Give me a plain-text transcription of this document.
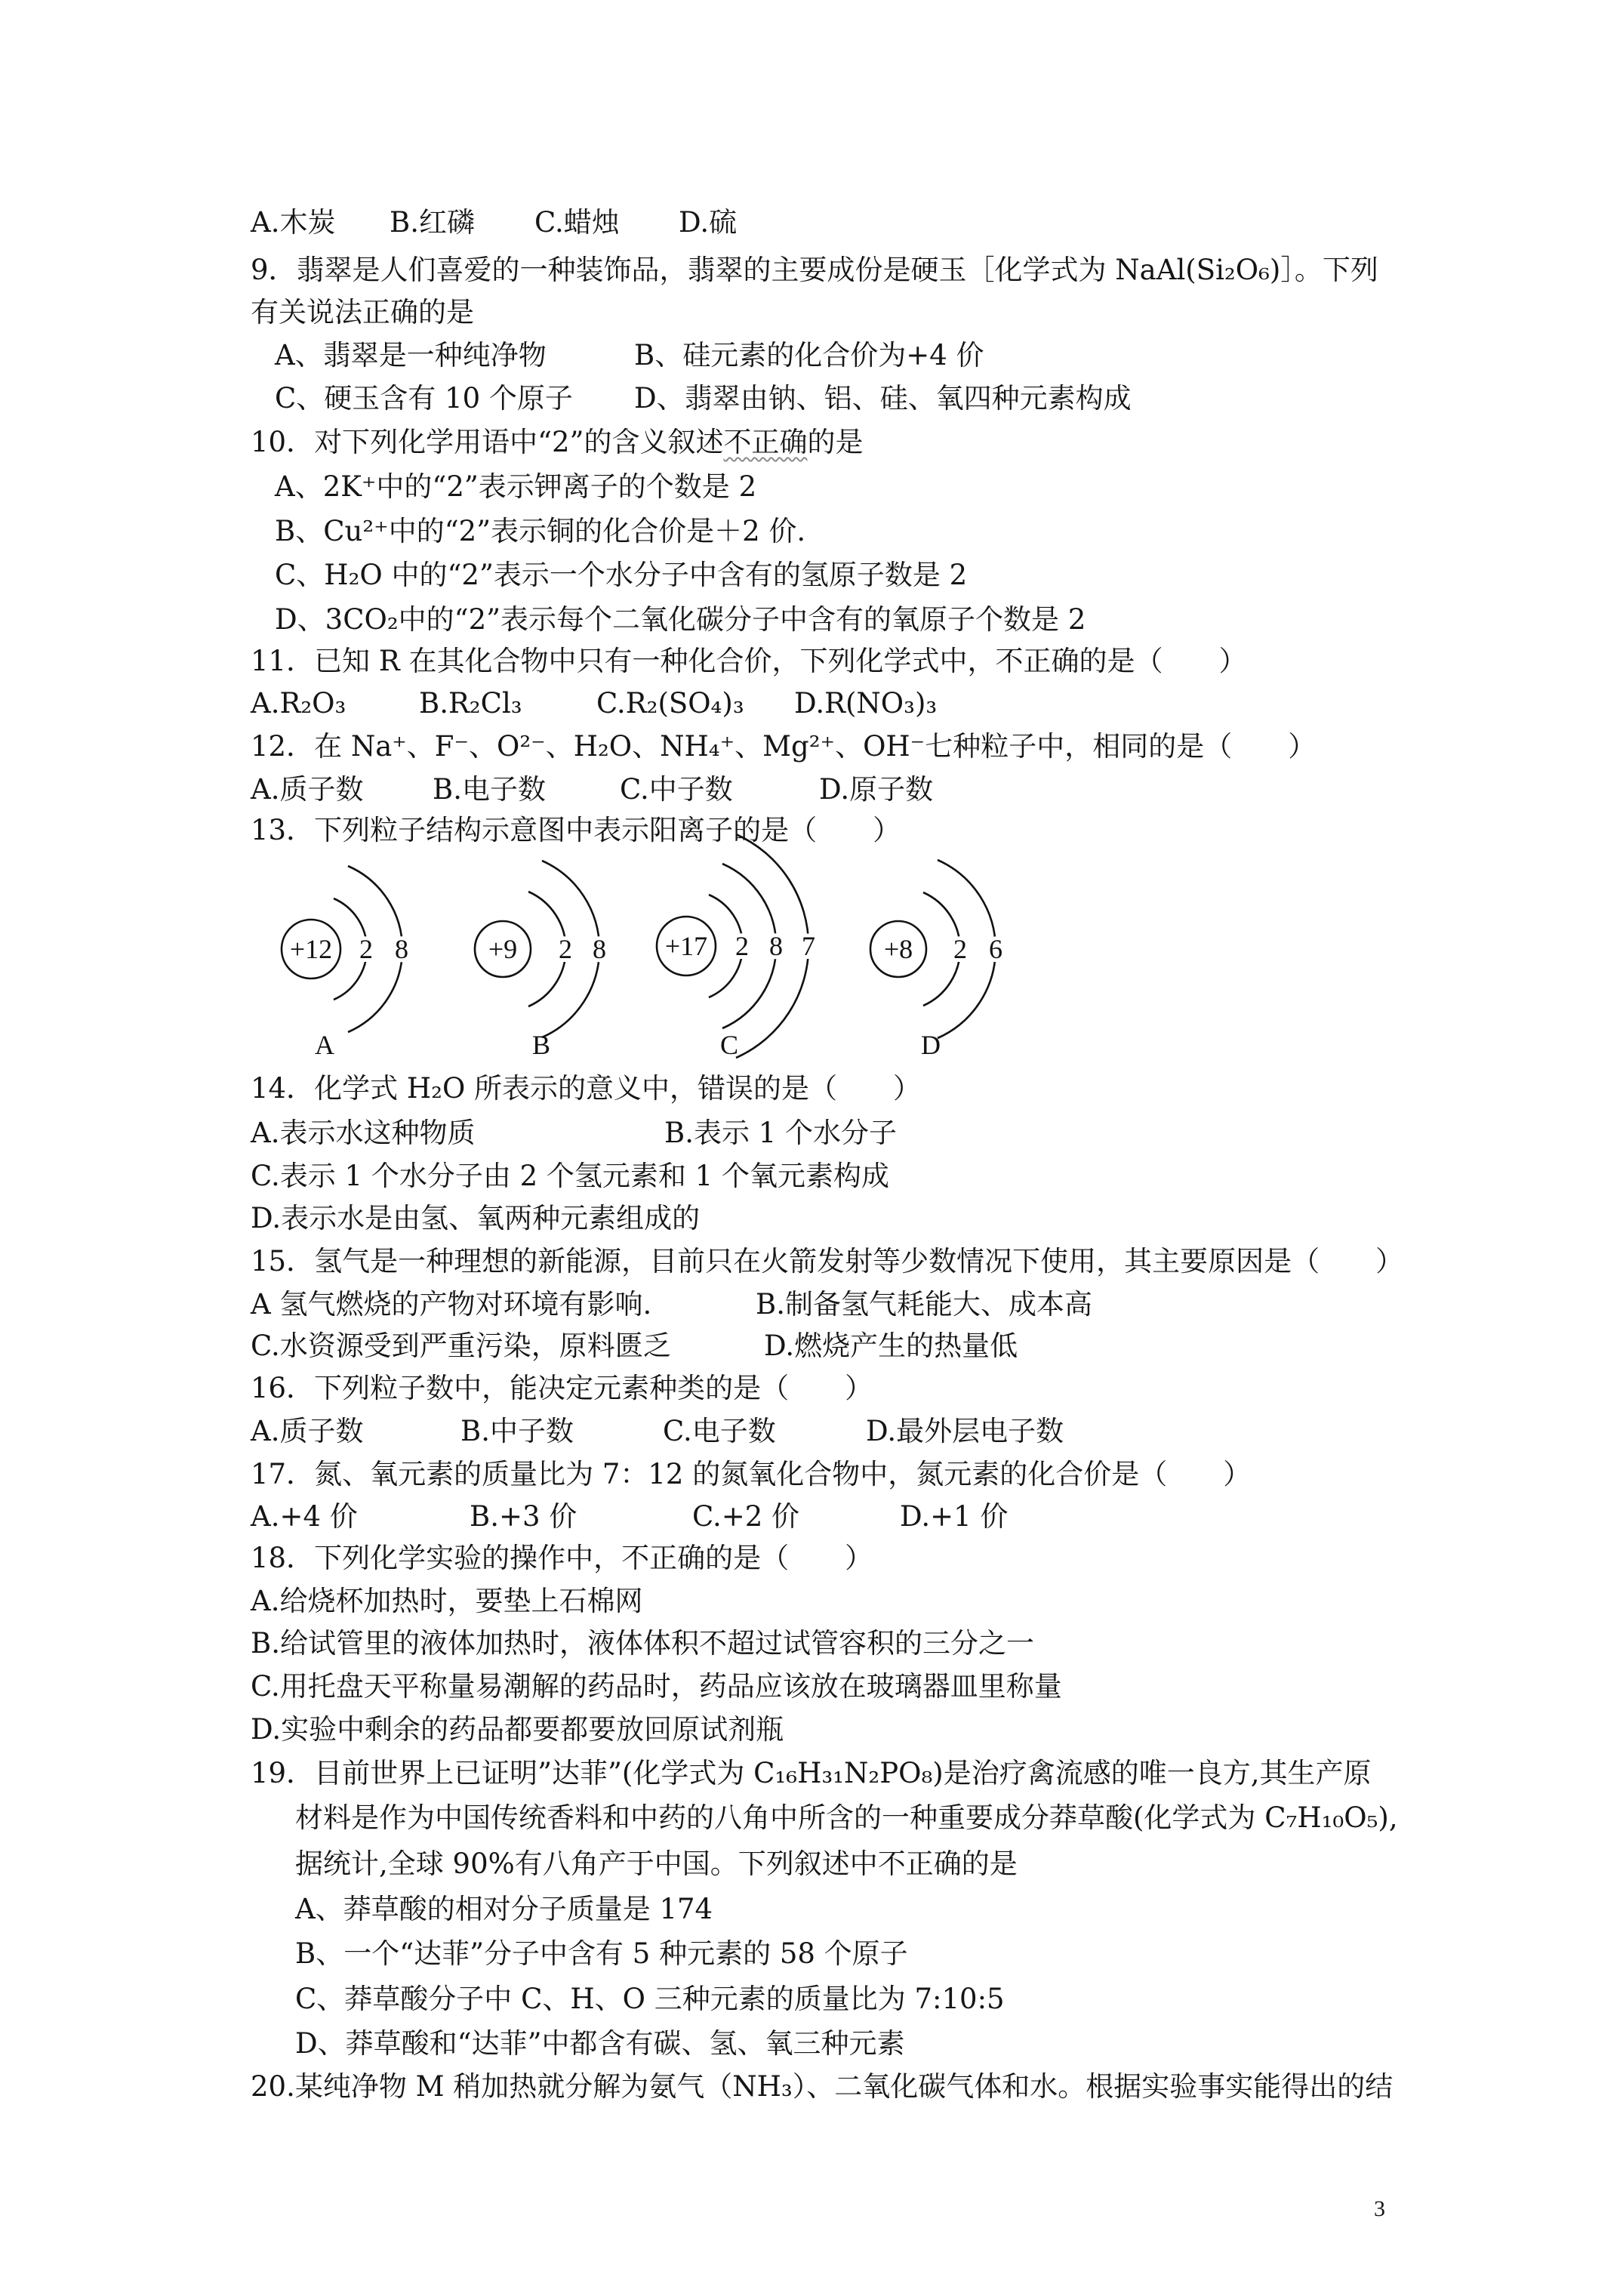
A.木炭 B.红磷 C.蜡烛 D.硫
9．翡翠是人们喜爱的一种装饰品，翡翠的主要成份是硬玉［化学式为 NaAl(Si₂O₆)］。下列
有关说法正确的是
A、翡翠是一种纯净物	B、硅元素的化合价为+4 价
C、硬玉含有 10 个原子 D、翡翠由钠、铝、硅、氧四种元素构成
10．对下列化学用语中“2”的含义叙述不正确的是
A、2K⁺中的“2”表示钾离子的个数是 2
B、Cu²⁺中的“2”表示铜的化合价是＋2 价.
C、H₂O 中的“2”表示一个水分子中含有的氢原子数是 2
D、3CO₂中的“2”表示每个二氧化碳分子中含有的氧原子个数是 2
11．已知 R 在其化合物中只有一种化合价，下列化学式中，不正确的是（　　）
A.R₂O₃	B.R₂Cl₃	C.R₂(SO₄)₃ D.R(NO₃)₃
12．在 Na⁺、F⁻、O²⁻、H₂O、NH₄⁺、Mg²⁺、OH⁻七种粒子中，相同的是（　　）
A.质子数 B.电子数	C.中子数	D.原子数
13．下列粒子结构示意图中表示阳离子的是（　　）
+12 2 8
A
+9 2 8
B
+17 2 8 7
C
+8 2 6
D
14．化学式 H₂O 所表示的意义中，错误的是（　　）
A.表示水这种物质	B.表示 1 个水分子
C.表示 1 个水分子由 2 个氢元素和 1 个氧元素构成
D.表示水是由氢、氧两种元素组成的
15．氢气是一种理想的新能源，目前只在火箭发射等少数情况下使用，其主要原因是（　　）
A 氢气燃烧的产物对环境有影响.	B.制备氢气耗能大、成本高
C.水资源受到严重污染，原料匮乏	D.燃烧产生的热量低
16．下列粒子数中，能决定元素种类的是（　　）
A.质子数	B.中子数	C.电子数	D.最外层电子数
17．氮、氧元素的质量比为 7：12 的氮氧化合物中，氮元素的化合价是（　　）
A.+4 价	B.+3 价	C.+2 价	D.+1 价
18．下列化学实验的操作中，不正确的是（　　）
A.给烧杯加热时，要垫上石棉网
B.给试管里的液体加热时，液体体积不超过试管容积的三分之一
C.用托盘天平称量易潮解的药品时，药品应该放在玻璃器皿里称量
D.实验中剩余的药品都要都要放回原试剂瓶
19．目前世界上已证明”达菲”(化学式为 C₁₆H₃₁N₂PO₈)是治疗禽流感的唯一良方,其生产原
材料是作为中国传统香料和中药的八角中所含的一种重要成分莽草酸(化学式为 C₇H₁₀O₅),
据统计,全球 90%有八角产于中国。下列叙述中不正确的是
A、莽草酸的相对分子质量是 174
B、一个“达菲”分子中含有 5 种元素的 58 个原子
C、莽草酸分子中 C、H、O 三种元素的质量比为 7:10:5
D、莽草酸和“达菲”中都含有碳、氢、氧三种元素
20.某纯净物 M 稍加热就分解为氨气（NH₃）、二氧化碳气体和水。根据实验事实能得出的结
3
